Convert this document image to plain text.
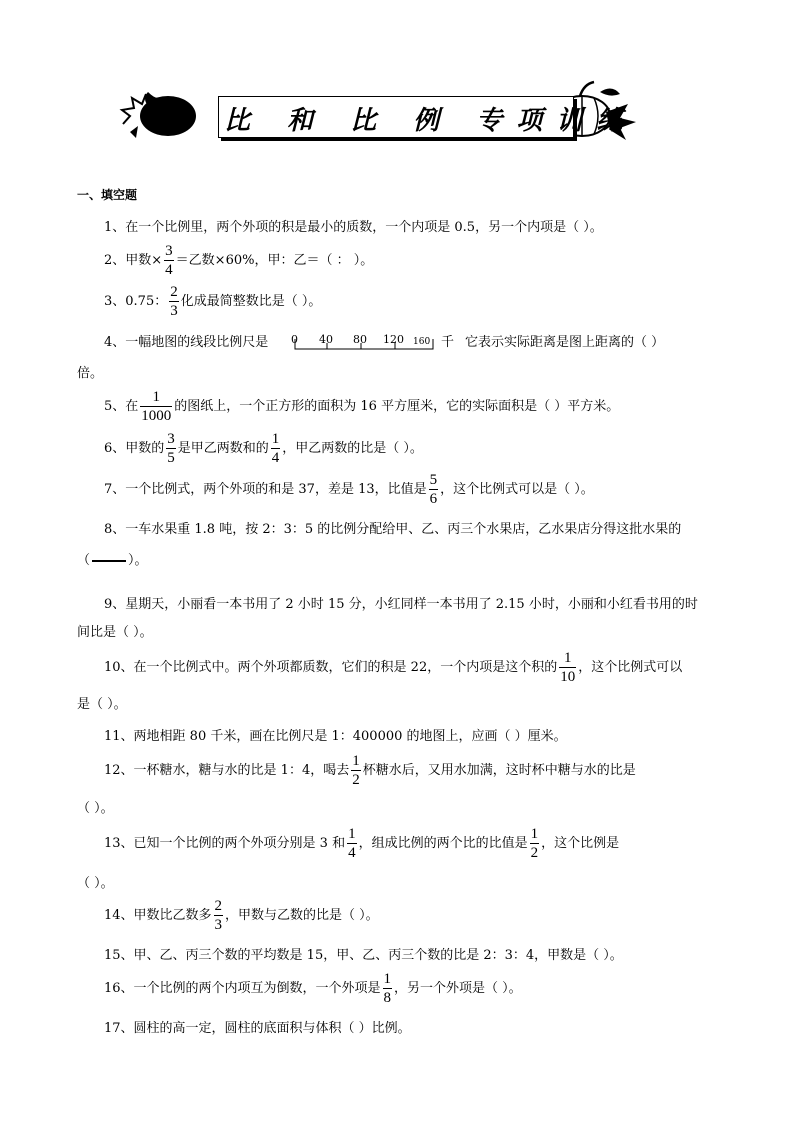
比 和 比 例 专项训练
一、填空题
1、在一个比例里，两个外项的积是最小的质数，一个内项是 0.5，另一个内项是（ ）。
2、甲数× $\frac{3}{4}$ ＝乙数×60%，甲：乙＝（ ： ）。
3、0.75： $\frac{2}{3}$ 化成最简整数比是（ ）。
4、一幅地图的线段比例尺是 0 40 80 120 160 千 它表示实际距离是图上距离的（ ）
倍。
5、在 $\frac{1}{1000}$ 的图纸上，一个正方形的面积为 16 平方厘米，它的实际面积是（ ）平方米。
6、甲数的 $\frac{3}{5}$ 是甲乙两数和的 $\frac{1}{4}$ ，甲乙两数的比是（ ）。
7、一个比例式，两个外项的和是 37，差是 13，比值是 $\frac{5}{6}$ ，这个比例式可以是（ ）。
8、一车水果重 1.8 吨，按 2：3：5 的比例分配给甲、乙、丙三个水果店，乙水果店分得这批水果的
（	）。
9、星期天，小丽看一本书用了 2 小时 15 分，小红同样一本书用了 2.15 小时，小丽和小红看书用的时
间比是（ ）。
10、在一个比例式中。两个外项都质数，它们的积是 22，一个内项是这个积的 $\frac{1}{10}$ ，这个比例式可以
是（ ）。
11、两地相距 80 千米，画在比例尺是 1：400000 的地图上，应画（ ）厘米。
12、一杯糖水，糖与水的比是 1：4，喝去 $\frac{1}{2}$ 杯糖水后，又用水加满，这时杯中糖与水的比是
（ ）。
13、已知一个比例的两个外项分别是 3 和 $\frac{1}{4}$ ，组成比例的两个比的比值是 $\frac{1}{2}$ ，这个比例是
（ ）。
14、甲数比乙数多 $\frac{2}{3}$ ，甲数与乙数的比是（ ）。
15、甲、乙、丙三个数的平均数是 15，甲、乙、丙三个数的比是 2：3：4，甲数是（ ）。
16、一个比例的两个内项互为倒数，一个外项是 $\frac{1}{8}$ ，另一个外项是（ ）。
17、圆柱的高一定，圆柱的底面积与体积（ ）比例。
